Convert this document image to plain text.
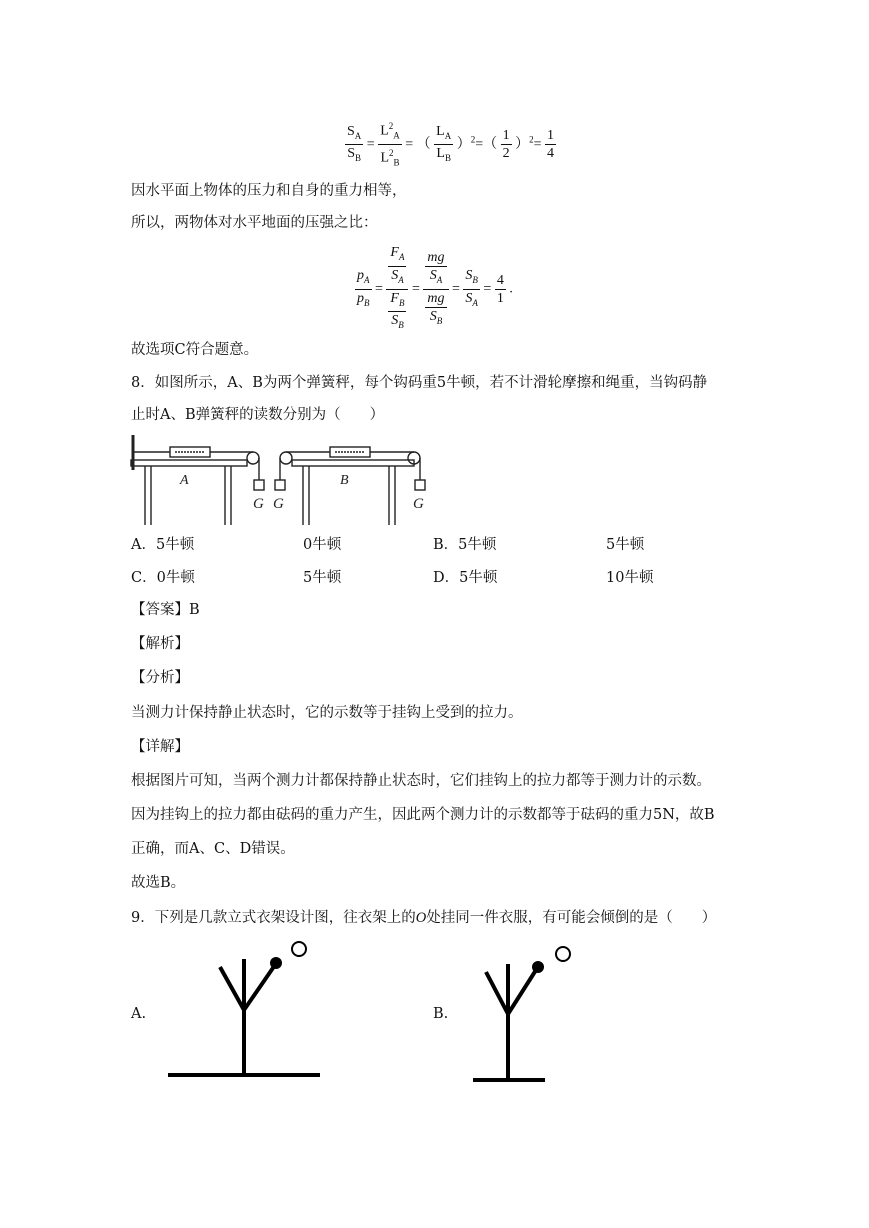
$\frac{S_A}{S_B} = \frac{L^2_A}{L^2_B}$ = （ $\frac{L_A}{L_B} )^2=( \frac{1}{2} )^2= \frac{1}{4}$
因水平面上物体的压力和自身的重力相等，
所以，两物体对水平地面的压强之比：
$\frac{p_A}{p_B} = \frac{\frac{F_A}{S_A}}{\frac{F_B}{S_B}} = \frac{\frac{mg}{S_A}}{\frac{mg}{S_B}} = \frac{S_B}{S_A} = \frac{4}{1}$ .
故选项C符合题意。
8．如图所示，A、B为两个弹簧秤，每个钩码重5牛顿，若不计滑轮摩擦和绳重，当钩码静
止时A、B弹簧秤的读数分别为（　　）
A	B
G G	G
A．5牛顿	0牛顿	B．5牛顿	5牛顿
C．0牛顿	5牛顿	D．5牛顿	10牛顿
【答案】B
【解析】
【分析】
当测力计保持静止状态时，它的示数等于挂钩上受到的拉力。
【详解】
根据图片可知，当两个测力计都保持静止状态时，它们挂钩上的拉力都等于测力计的示数。
因为挂钩上的拉力都由砝码的重力产生，因此两个测力计的示数都等于砝码的重力5N，故B
正确，而A、C、D错误。
故选B。
9．下列是几款立式衣架设计图，往衣架上的O处挂同一件衣服，有可能会倾倒的是（　　）
A.	B.
